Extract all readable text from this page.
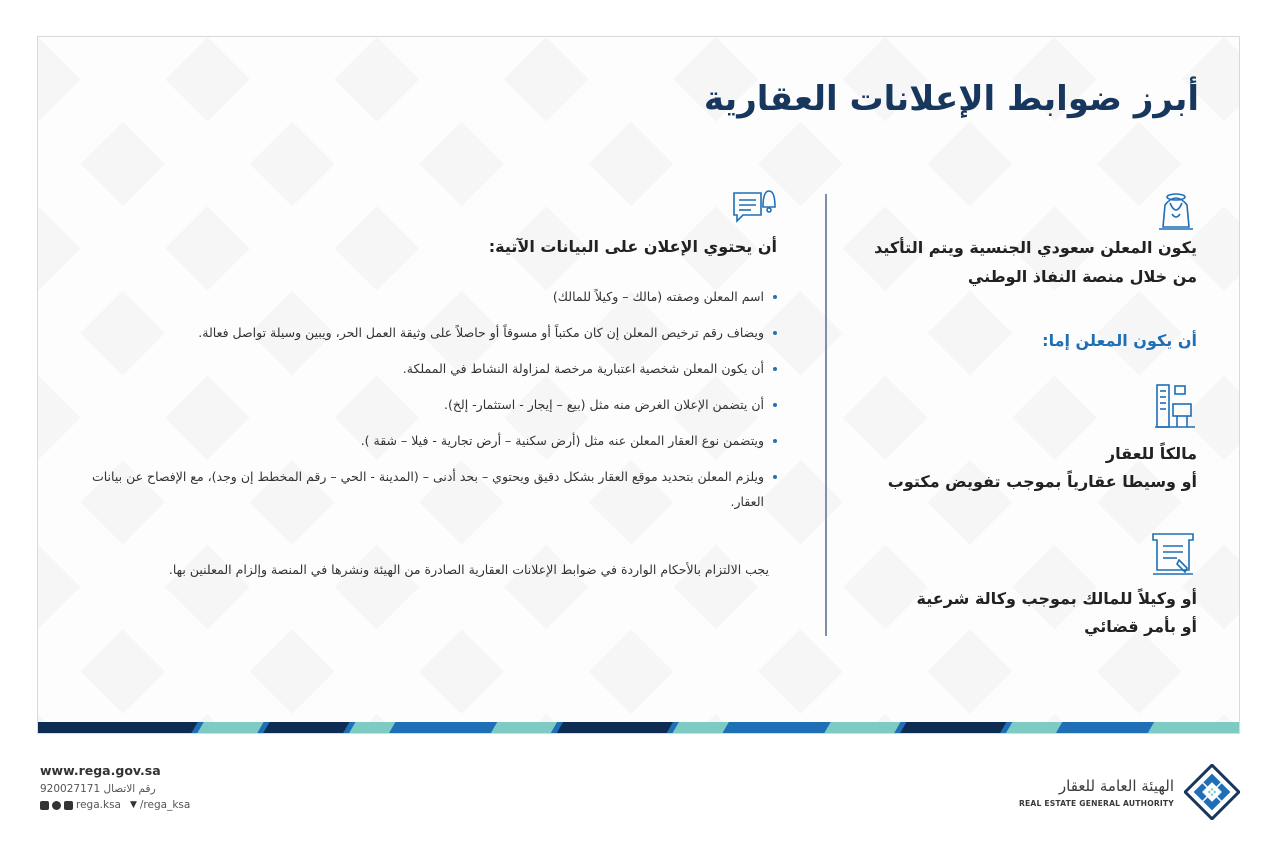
أبرز ضوابط الإعلانات العقارية
يكون المعلن سعودي الجنسية ويتم التأكيد
من خلال منصة النفاذ الوطني
أن يكون المعلن إما:
مالكاً للعقار
أو وسيطا عقارياً بموجب تفويض مكتوب
أو وكيلاً للمالك بموجب وكالة شرعية
أو بأمر قضائي
أن يحتوي الإعلان على البيانات الآتية:
اسم المعلن وصفته (مالك – وكيلاً للمالك)
ويضاف رقم ترخيص المعلن إن كان مكتباً أو مسوقاً أو حاصلاً على وثيقة العمل الحر، ويبين وسيلة تواصل فعالة.
أن يكون المعلن شخصية اعتبارية مرخصة لمزاولة النشاط في المملكة.
أن يتضمن الإعلان الغرض منه مثل (بيع – إيجار - استثمار- إلخ).
ويتضمن نوع العقار المعلن عنه مثل (أرض سكنية – أرض تجارية - فيلا – شقة ).
ويلزم المعلن بتحديد موقع العقار بشكل دقيق ويحتوي – بحد أدنى – (المدينة - الحي – رقم المخطط إن وجد)، مع الإفصاح عن بيانات العقار.
يجب الالتزام بالأحكام الواردة في ضوابط الإعلانات العقارية الصادرة من الهيئة ونشرها في المنصة وإلزام المعلنين بها.
www.rega.gov.sa
رقم الاتصال 920027171
rega.ksa ▼ /rega_ksa
الهيئة العامة للعقار
REAL ESTATE GENERAL AUTHORITY
